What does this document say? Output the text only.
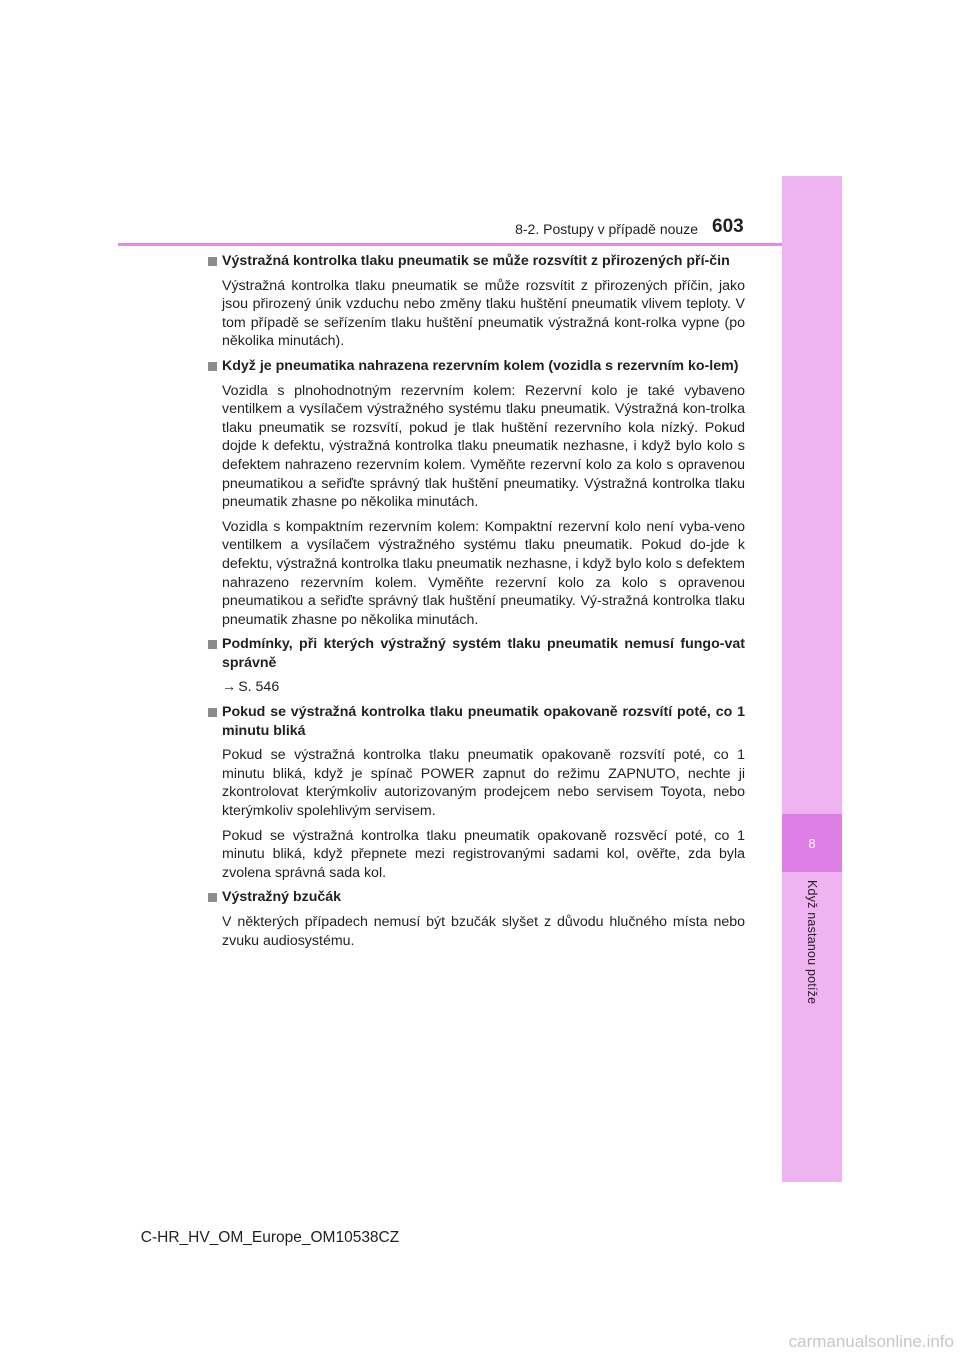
8
Když nastanou potíže
8-2. Postupy v případě nouze 603
Výstražná kontrolka tlaku pneumatik se může rozsvítit z přirozených pří-čin
Výstražná kontrolka tlaku pneumatik se může rozsvítit z přirozených příčin, jako jsou přirozený únik vzduchu nebo změny tlaku huštění pneumatik vlivem teploty. V tom případě se seřízením tlaku huštění pneumatik výstražná kont-rolka vypne (po několika minutách).
Když je pneumatika nahrazena rezervním kolem (vozidla s rezervním ko-lem)
Vozidla s plnohodnotným rezervním kolem: Rezervní kolo je také vybaveno ventilkem a vysílačem výstražného systému tlaku pneumatik. Výstražná kon-trolka tlaku pneumatik se rozsvítí, pokud je tlak huštění rezervního kola nízký. Pokud dojde k defektu, výstražná kontrolka tlaku pneumatik nezhasne, i když bylo kolo s defektem nahrazeno rezervním kolem. Vyměňte rezervní kolo za kolo s opravenou pneumatikou a seřiďte správný tlak huštění pneumatiky. Výstražná kontrolka tlaku pneumatik zhasne po několika minutách.
Vozidla s kompaktním rezervním kolem: Kompaktní rezervní kolo není vyba-veno ventilkem a vysílačem výstražného systému tlaku pneumatik. Pokud do-jde k defektu, výstražná kontrolka tlaku pneumatik nezhasne, i když bylo kolo s defektem nahrazeno rezervním kolem. Vyměňte rezervní kolo za kolo s opravenou pneumatikou a seřiďte správný tlak huštění pneumatiky. Vý-stražná kontrolka tlaku pneumatik zhasne po několika minutách.
Podmínky, při kterých výstražný systém tlaku pneumatik nemusí fungo-vat správně
→ S. 546
Pokud se výstražná kontrolka tlaku pneumatik opakovaně rozsvítí poté, co 1 minutu bliká
Pokud se výstražná kontrolka tlaku pneumatik opakovaně rozsvítí poté, co 1 minutu bliká, když je spínač POWER zapnut do režimu ZAPNUTO, nechte ji zkontrolovat kterýmkoliv autorizovaným prodejcem nebo servisem Toyota, nebo kterýmkoliv spolehlivým servisem.
Pokud se výstražná kontrolka tlaku pneumatik opakovaně rozsvěcí poté, co 1 minutu bliká, když přepnete mezi registrovanými sadami kol, ověřte, zda byla zvolena správná sada kol.
Výstražný bzučák
V některých případech nemusí být bzučák slyšet z důvodu hlučného místa nebo zvuku audiosystému.
C-HR_HV_OM_Europe_OM10538CZ
carmanualsonline.info
